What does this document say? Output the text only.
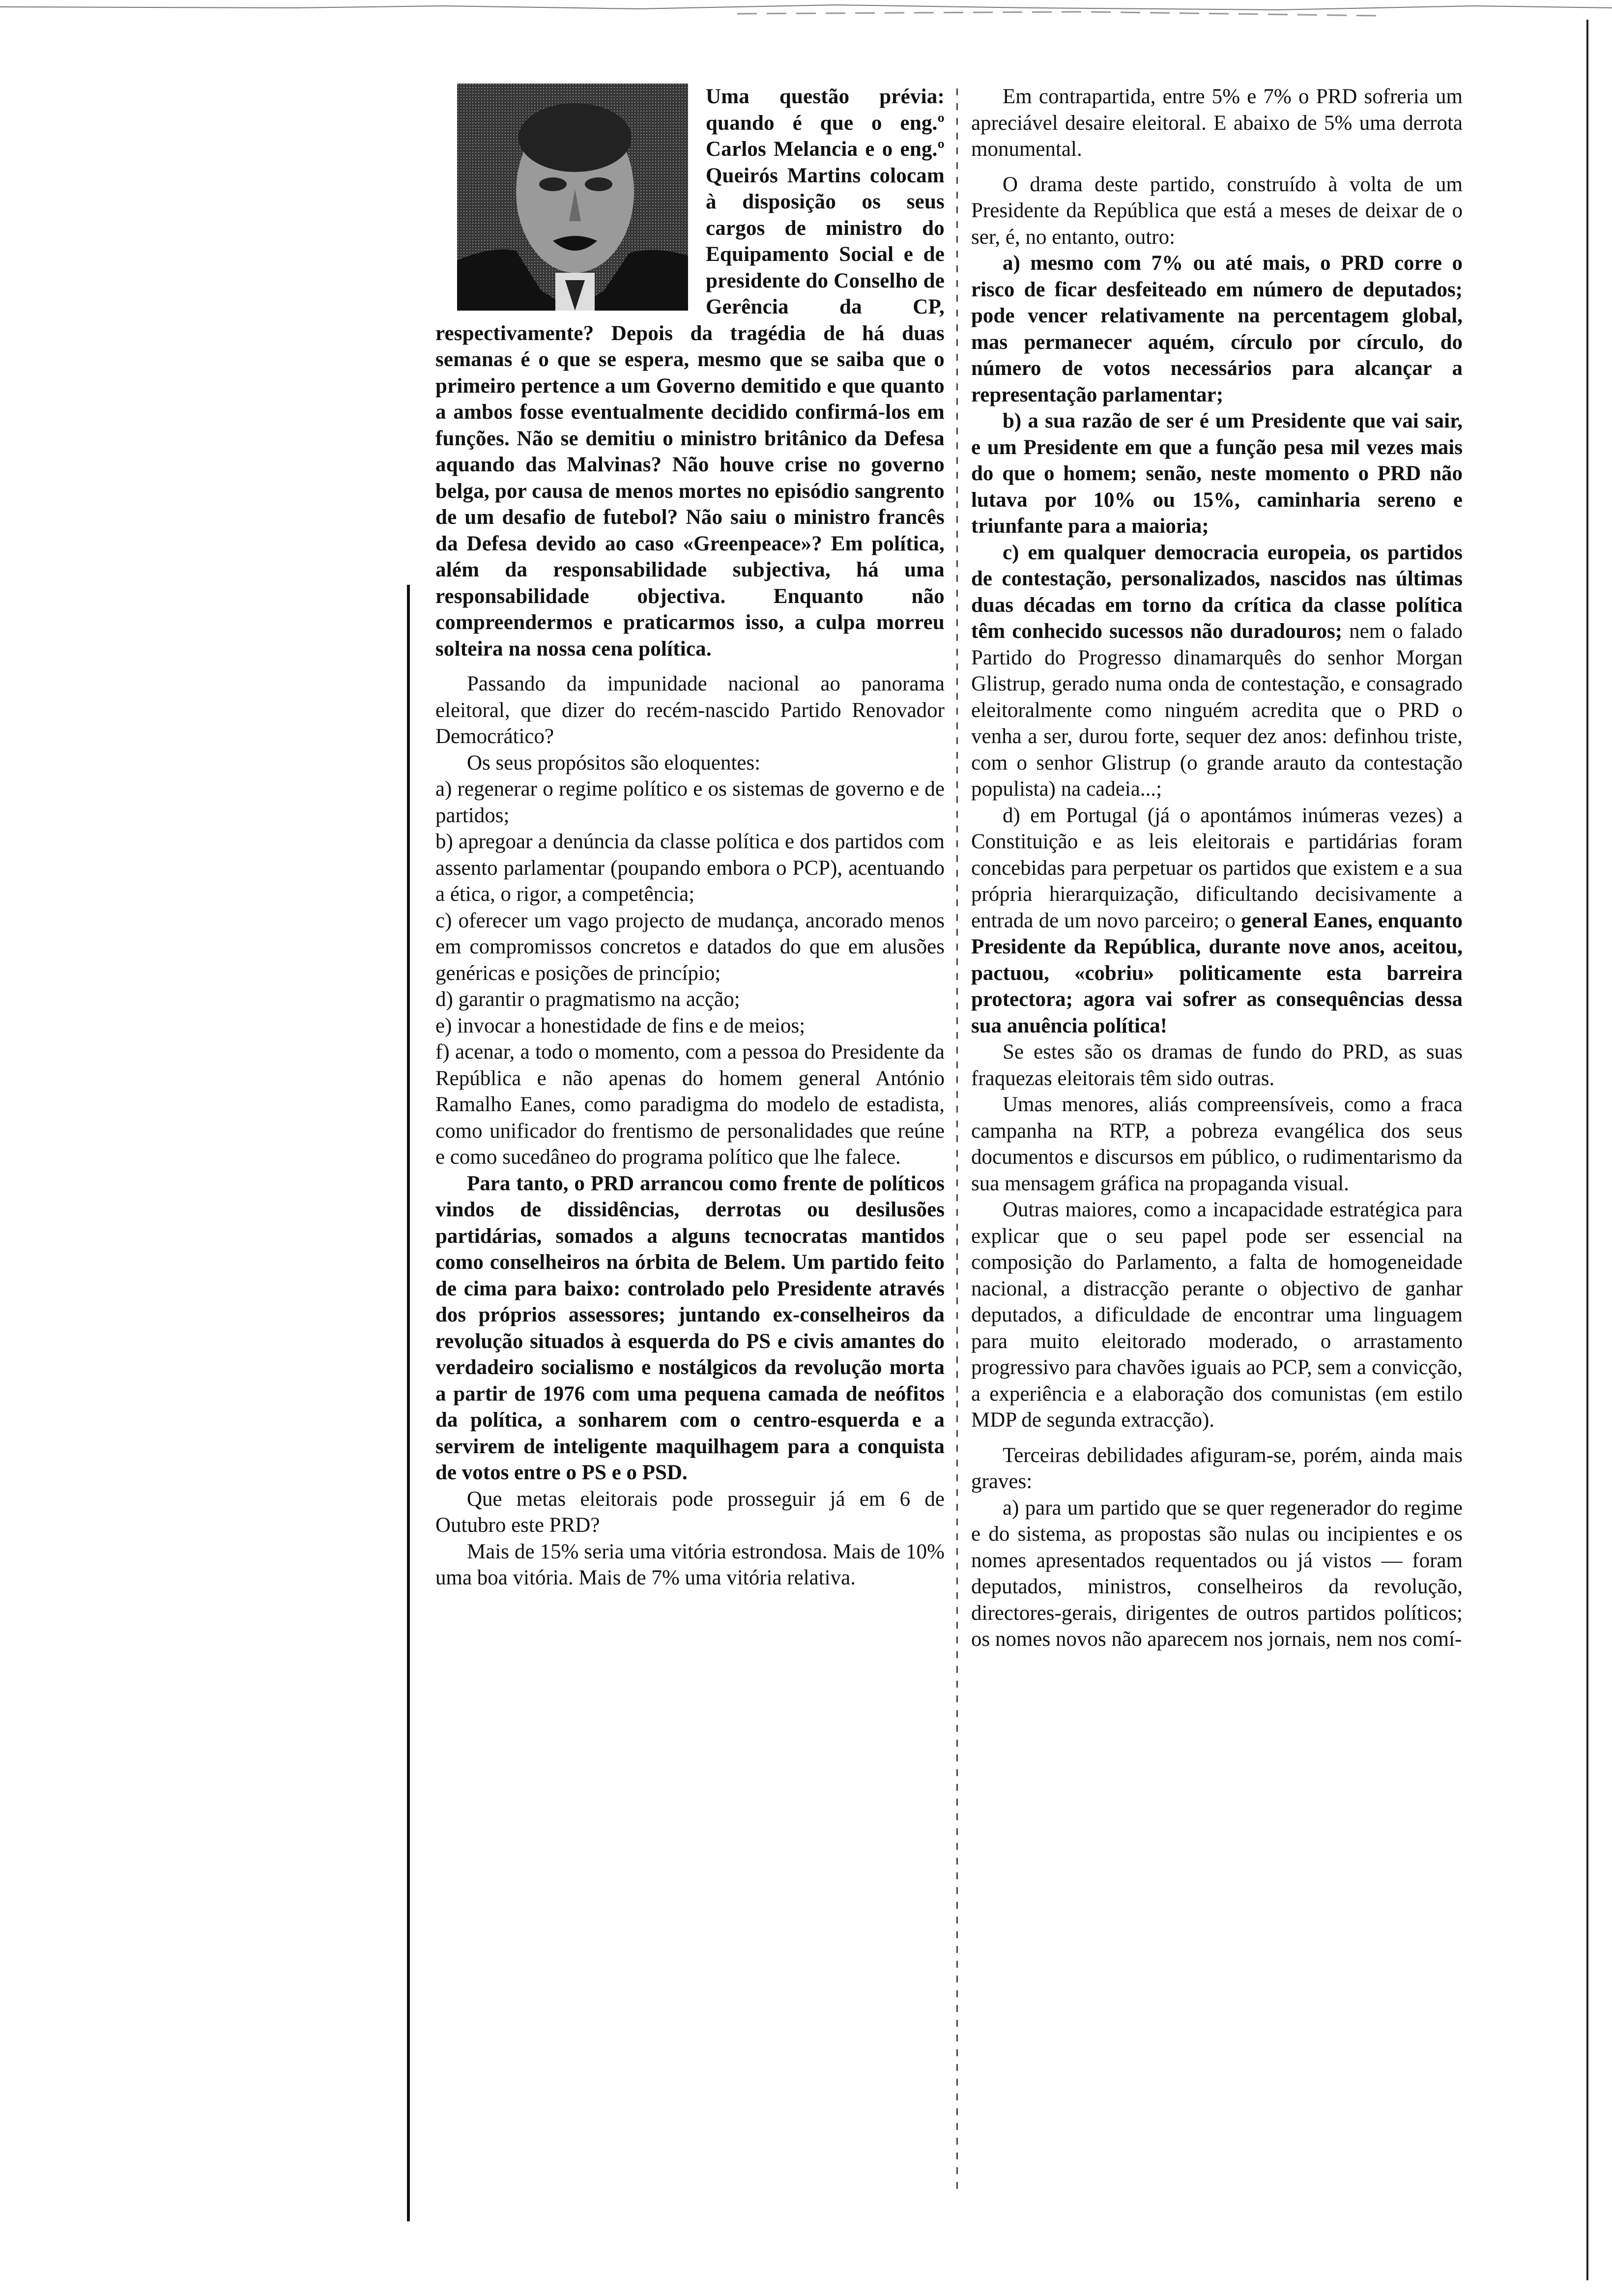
Uma questão prévia: quando é que o eng.º Carlos Melancia e o eng.º Queirós Martins colocam à disposição os seus cargos de ministro do Equipamento Social e de presidente do Conselho de Gerência da CP, respectivamente? Depois da tragédia de há duas semanas é o que se espera, mesmo que se saiba que o primeiro pertence a um Governo demitido e que quanto a ambos fosse eventualmente decidido confirmá-los em funções. Não se demitiu o ministro britânico da Defesa aquando das Malvinas? Não houve crise no governo belga, por causa de menos mortes no episódio sangrento de um desafio de futebol? Não saiu o ministro francês da Defesa devido ao caso «Greenpeace»? Em política, além da responsabilidade subjectiva, há uma responsabilidade objectiva. Enquanto não compreendermos e praticarmos isso, a culpa morreu solteira na nossa cena política.

Passando da impunidade nacional ao panorama eleitoral, que dizer do recém-nascido Partido Renovador Democrático?

Os seus propósitos são eloquentes:

a) regenerar o regime político e os sistemas de governo e de partidos;

b) apregoar a denúncia da classe política e dos partidos com assento parlamentar (poupando embora o PCP), acentuando a ética, o rigor, a competência;

c) oferecer um vago projecto de mudança, ancorado menos em compromissos concretos e datados do que em alusões genéricas e posições de princípio;

d) garantir o pragmatismo na acção;

e) invocar a honestidade de fins e de meios;

f) acenar, a todo o momento, com a pessoa do Presidente da República e não apenas do homem general António Ramalho Eanes, como paradigma do modelo de estadista, como unificador do frentismo de personalidades que reúne e como sucedâneo do programa político que lhe falece.

Para tanto, o PRD arrancou como frente de políticos vindos de dissidências, derrotas ou desilusões partidárias, somados a alguns tecnocratas mantidos como conselheiros na órbita de Belem. Um partido feito de cima para baixo: controlado pelo Presidente através dos próprios assessores; juntando ex-conselheiros da revolução situados à esquerda do PS e civis amantes do verdadeiro socialismo e nostálgicos da revolução morta a partir de 1976 com uma pequena camada de neófitos da política, a sonharem com o centro-esquerda e a servirem de inteligente maquilhagem para a conquista de votos entre o PS e o PSD.

Que metas eleitorais pode prosseguir já em 6 de Outubro este PRD?

Mais de 15% seria uma vitória estrondosa. Mais de 10% uma boa vitória. Mais de 7% uma vitória relativa.

Em contrapartida, entre 5% e 7% o PRD sofreria um apreciável desaire eleitoral. E abaixo de 5% uma derrota monumental.

O drama deste partido, construído à volta de um Presidente da República que está a meses de deixar de o ser, é, no entanto, outro:

a) mesmo com 7% ou até mais, o PRD corre o risco de ficar desfeiteado em número de deputados; pode vencer relativamente na percentagem global, mas permanecer aquém, círculo por círculo, do número de votos necessários para alcançar a representação parlamentar;

b) a sua razão de ser é um Presidente que vai sair, e um Presidente em que a função pesa mil vezes mais do que o homem; senão, neste momento o PRD não lutava por 10% ou 15%, caminharia sereno e triunfante para a maioria;

c) em qualquer democracia europeia, os partidos de contestação, personalizados, nascidos nas últimas duas décadas em torno da crítica da classe política têm conhecido sucessos não duradouros; nem o falado Partido do Progresso dinamarquês do senhor Morgan Glistrup, gerado numa onda de contestação, e consagrado eleitoralmente como ninguém acredita que o PRD o venha a ser, durou forte, sequer dez anos: definhou triste, com o senhor Glistrup (o grande arauto da contestação populista) na cadeia...;

d) em Portugal (já o apontámos inúmeras vezes) a Constituição e as leis eleitorais e partidárias foram concebidas para perpetuar os partidos que existem e a sua própria hierarquização, dificultando decisivamente a entrada de um novo parceiro; o general Eanes, enquanto Presidente da República, durante nove anos, aceitou, pactuou, «cobriu» politicamente esta barreira protectora; agora vai sofrer as consequências dessa sua anuência política!

Se estes são os dramas de fundo do PRD, as suas fraquezas eleitorais têm sido outras.

Umas menores, aliás compreensíveis, como a fraca campanha na RTP, a pobreza evangélica dos seus documentos e discursos em público, o rudimentarismo da sua mensagem gráfica na propaganda visual.

Outras maiores, como a incapacidade estratégica para explicar que o seu papel pode ser essencial na composição do Parlamento, a falta de homogeneidade nacional, a distracção perante o objectivo de ganhar deputados, a dificuldade de encontrar uma linguagem para muito eleitorado moderado, o arrastamento progressivo para chavões iguais ao PCP, sem a convicção, a experiência e a elaboração dos comunistas (em estilo MDP de segunda extracção).

Terceiras debilidades afiguram-se, porém, ainda mais graves:

a) para um partido que se quer regenerador do regime e do sistema, as propostas são nulas ou incipientes e os nomes apresentados requentados ou já vistos — foram deputados, ministros, conselheiros da revolução, directores-gerais, dirigentes de outros partidos políticos; os nomes novos não aparecem nos jornais, nem nos comí-
